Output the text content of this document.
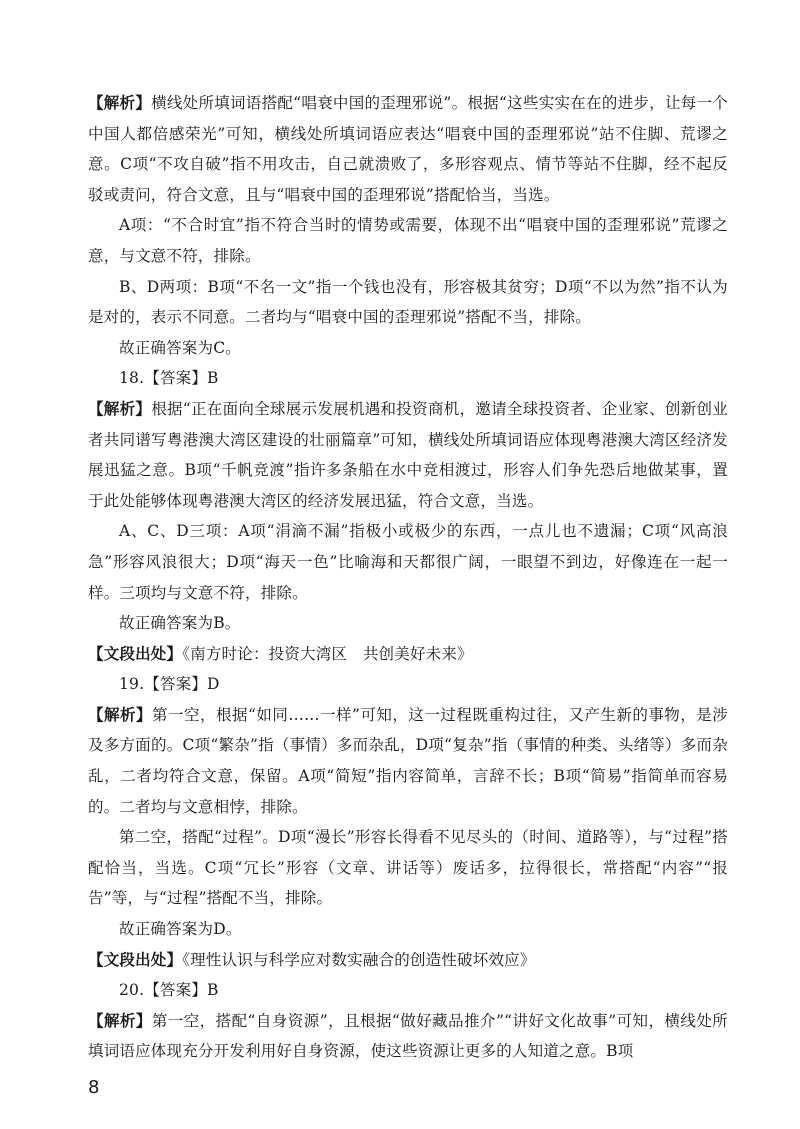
【解析】横线处所填词语搭配“唱衰中国的歪理邪说”。根据“这些实实在在的进步，让每一个中国人都倍感荣光”可知，横线处所填词语应表达“唱衰中国的歪理邪说”站不住脚、荒谬之意。C项“不攻自破”指不用攻击，自己就溃败了，多形容观点、情节等站不住脚，经不起反驳或责问，符合文意，且与“唱衰中国的歪理邪说”搭配恰当，当选。

A项：“不合时宜”指不符合当时的情势或需要，体现不出“唱衰中国的歪理邪说”荒谬之意，与文意不符，排除。

B、D两项：B项“不名一文”指一个钱也没有，形容极其贫穷；D项“不以为然”指不认为是对的，表示不同意。二者均与“唱衰中国的歪理邪说”搭配不当，排除。

故正确答案为C。

18.【答案】B

【解析】根据“正在面向全球展示发展机遇和投资商机，邀请全球投资者、企业家、创新创业者共同谱写粤港澳大湾区建设的壮丽篇章”可知，横线处所填词语应体现粤港澳大湾区经济发展迅猛之意。B项“千帆竞渡”指许多条船在水中竞相渡过，形容人们争先恐后地做某事，置于此处能够体现粤港澳大湾区的经济发展迅猛，符合文意，当选。

A、C、D三项：A项“涓滴不漏”指极小或极少的东西，一点儿也不遗漏；C项“风高浪急”形容风浪很大；D项“海天一色”比喻海和天都很广阔，一眼望不到边，好像连在一起一样。三项均与文意不符，排除。

故正确答案为B。

【文段出处】《南方时论：投资大湾区　共创美好未来》

19.【答案】D

【解析】第一空，根据“如同……一样”可知，这一过程既重构过往，又产生新的事物，是涉及多方面的。C项“繁杂”指（事情）多而杂乱，D项“复杂”指（事情的种类、头绪等）多而杂乱，二者均符合文意，保留。A项“简短”指内容简单，言辞不长；B项“简易”指简单而容易的。二者均与文意相悖，排除。

第二空，搭配“过程”。D项“漫长”形容长得看不见尽头的（时间、道路等），与“过程”搭配恰当，当选。C项“冗长”形容（文章、讲话等）废话多，拉得很长，常搭配“内容”“报告”等，与“过程”搭配不当，排除。

故正确答案为D。

【文段出处】《理性认识与科学应对数实融合的创造性破坏效应》

20.【答案】B

【解析】第一空，搭配“自身资源”，且根据“做好藏品推介”“讲好文化故事”可知，横线处所填词语应体现充分开发利用好自身资源，使这些资源让更多的人知道之意。B项

8
